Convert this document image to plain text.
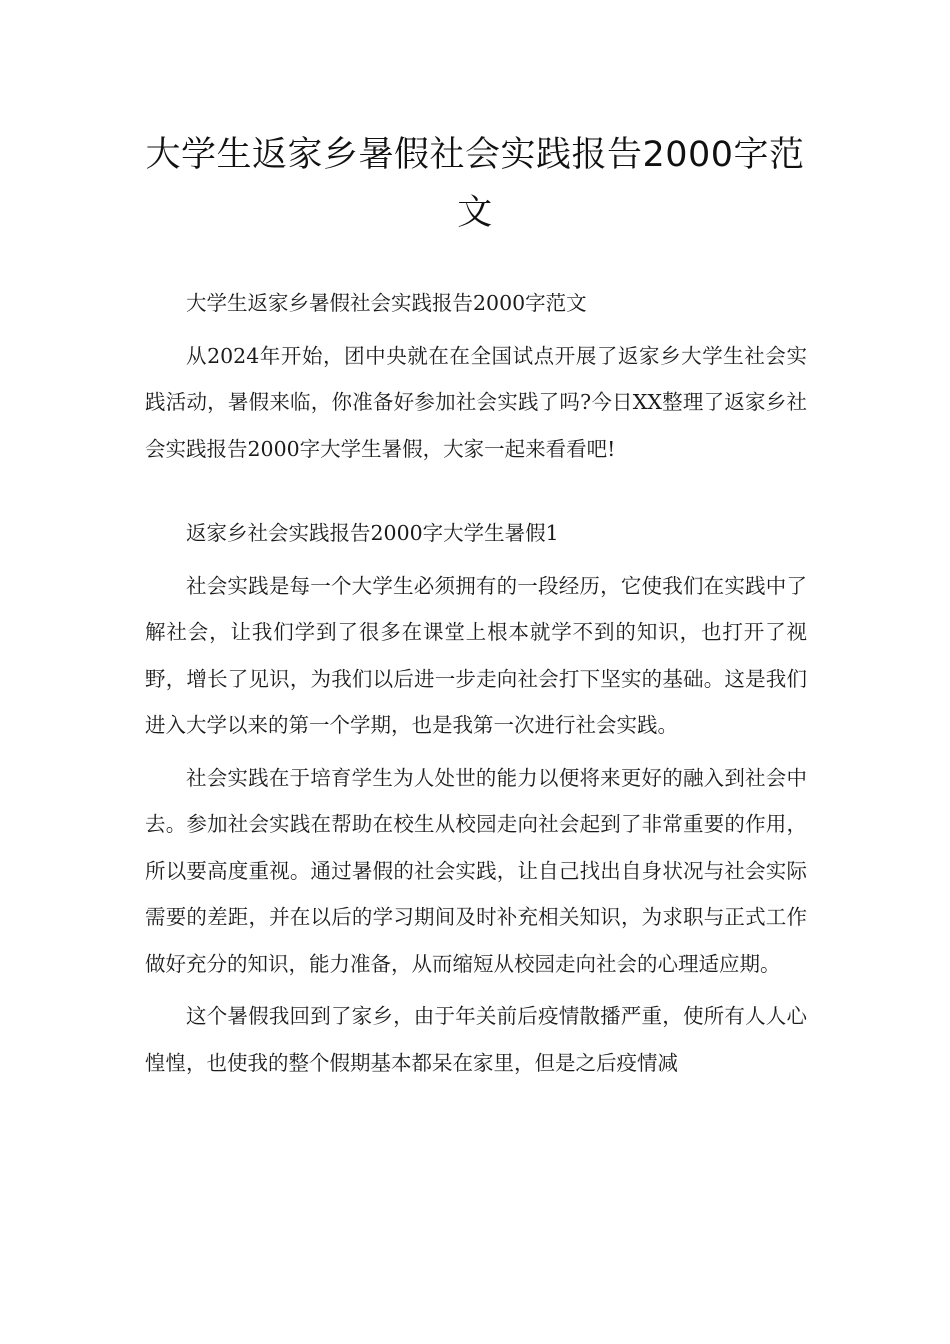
大学生返家乡暑假社会实践报告2000字范文

大学生返家乡暑假社会实践报告2000字范文

从2024年开始，团中央就在在全国试点开展了返家乡大学生社会实践活动，暑假来临，你准备好参加社会实践了吗?今日XX整理了返家乡社会实践报告2000字大学生暑假，大家一起来看看吧!

返家乡社会实践报告2000字大学生暑假1

社会实践是每一个大学生必须拥有的一段经历，它使我们在实践中了解社会，让我们学到了很多在课堂上根本就学不到的知识，也打开了视野，增长了见识，为我们以后进一步走向社会打下坚实的基础。这是我们进入大学以来的第一个学期，也是我第一次进行社会实践。

社会实践在于培育学生为人处世的能力以便将来更好的融入到社会中去。参加社会实践在帮助在校生从校园走向社会起到了非常重要的作用，所以要高度重视。通过暑假的社会实践，让自己找出自身状况与社会实际需要的差距，并在以后的学习期间及时补充相关知识，为求职与正式工作做好充分的知识，能力准备，从而缩短从校园走向社会的心理适应期。

这个暑假我回到了家乡，由于年关前后疫情散播严重，使所有人人心惶惶，也使我的整个假期基本都呆在家里，但是之后疫情减
